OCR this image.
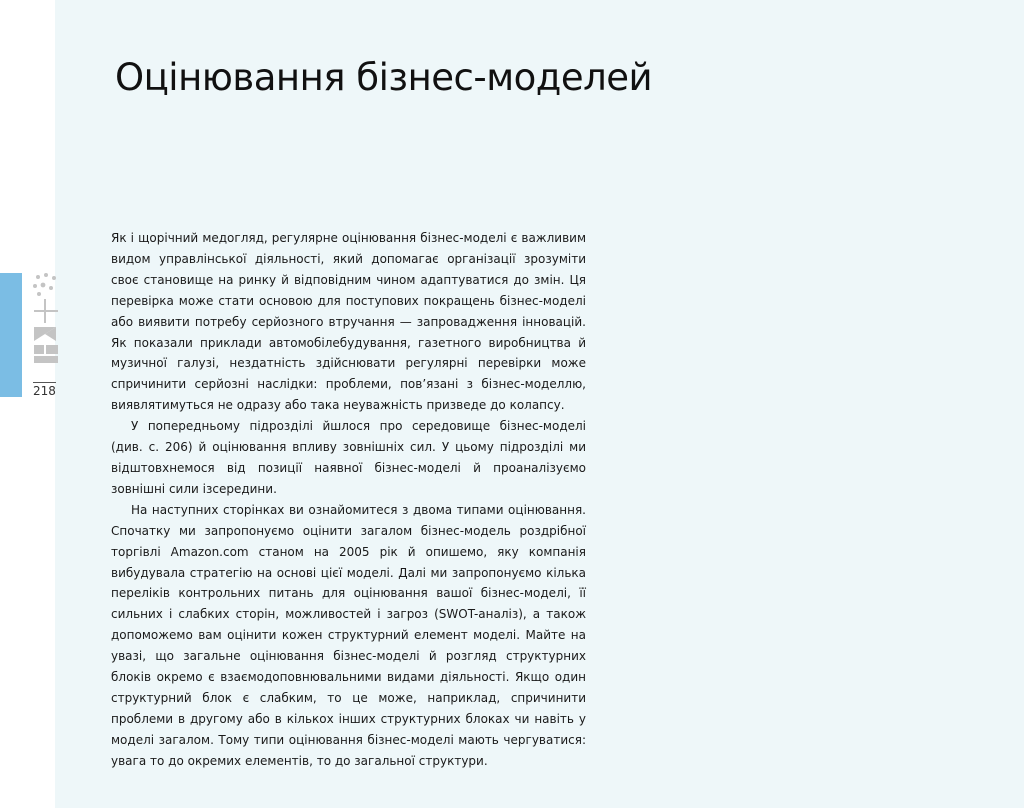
Оцінювання бізнес-моделей

Як і щорічний медогляд, регулярне оцінювання бізнес-моделі є важливим видом управлінської діяльності, який допомагає організації зрозуміти своє становище на ринку й відповідним чином адаптуватися до змін. Ця перевірка може стати основою для поступових покращень бізнес-моделі або виявити потребу серйозного втручання — запровадження інновацій. Як показали приклади автомобілебудування, газетного виробництва й музичної галузі, нездатність здійснювати регулярні перевірки може спричинити серйозні наслідки: проблеми, пов’язані з бізнес-моделлю, виявлятимуться не одразу або така неуважність призведе до колапсу.

У попередньому підрозділі йшлося про середовище бізнес-моделі (див. с. 206) й оцінювання впливу зовнішніх сил. У цьому підрозділі ми відштовхнемося від позиції наявної бізнес-моделі й проаналізуємо зовнішні сили ізсередини.

На наступних сторінках ви ознайомитеся з двома типами оцінювання. Спочатку ми запропонуємо оцінити загалом бізнес-модель роздрібної торгівлі Amazon.com станом на 2005 рік й опишемо, яку компанія вибудувала стратегію на основі цієї моделі. Далі ми запропонуємо кілька переліків контрольних питань для оцінювання вашої бізнес-моделі, її сильних і слабких сторін, можливостей і загроз (SWOT-аналіз), а також допоможемо вам оцінити кожен структурний елемент моделі. Майте на увазі, що загальне оцінювання бізнес-моделі й розгляд структурних блоків окремо є взаємодоповнювальними видами діяльності. Якщо один структурний блок є слабким, то це може, наприклад, спричинити проблеми в другому або в кількох інших структурних блоках чи навіть у моделі загалом. Тому типи оцінювання бізнес-моделі мають чергуватися: увага то до окремих елементів, то до загальної структури.

218
